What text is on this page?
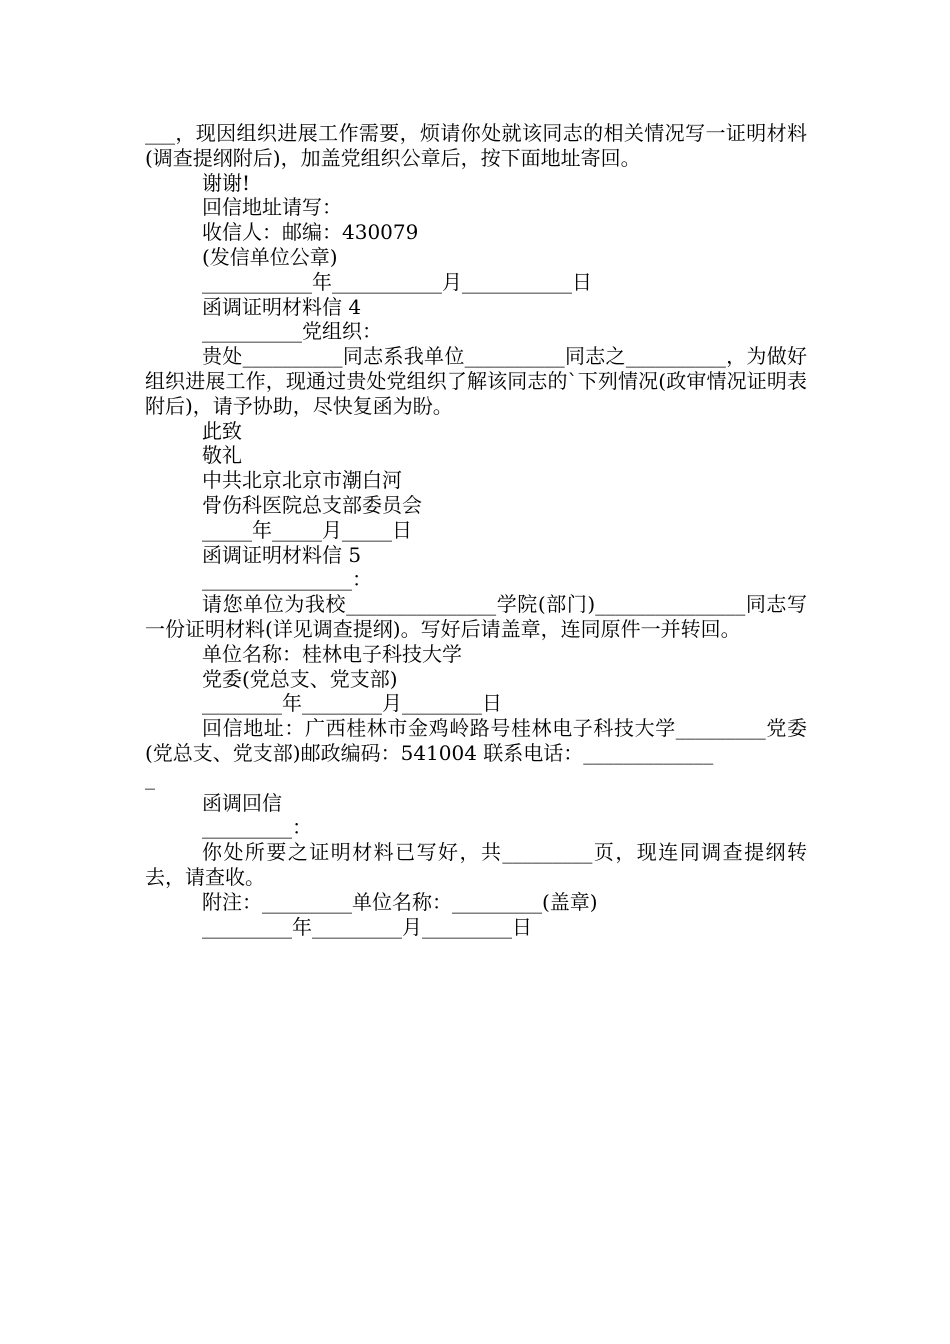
___，现因组织进展工作需要，烦请你处就该同志的相关情况写一证明材料(调查提纲附后)，加盖党组织公章后，按下面地址寄回。

谢谢!

回信地址请写：

收信人：邮编：430079

(发信单位公章)

___________年___________月___________日

函调证明材料信 4

__________党组织：

贵处__________同志系我单位__________同志之__________，为做好组织进展工作，现通过贵处党组织了解该同志的`下列情况(政审情况证明表附后)，请予协助，尽快复函为盼。

此致

敬礼

中共北京北京市潮白河

骨伤科医院总支部委员会

_____年_____月_____日

函调证明材料信 5

_______________：

请您单位为我校_______________学院(部门)_______________同志写一份证明材料(详见调查提纲)。写好后请盖章，连同原件一并转回。

单位名称：桂林电子科技大学

党委(党总支、党支部)

________年________月________日

回信地址：广西桂林市金鸡岭路号桂林电子科技大学_________党委(党总支、党支部)邮政编码：541004 联系电话：_____________

_

函调回信

_________：

你处所要之证明材料已写好，共_________页，现连同调查提纲转去，请查收。

附注：_________单位名称：_________(盖章)

_________年_________月_________日
